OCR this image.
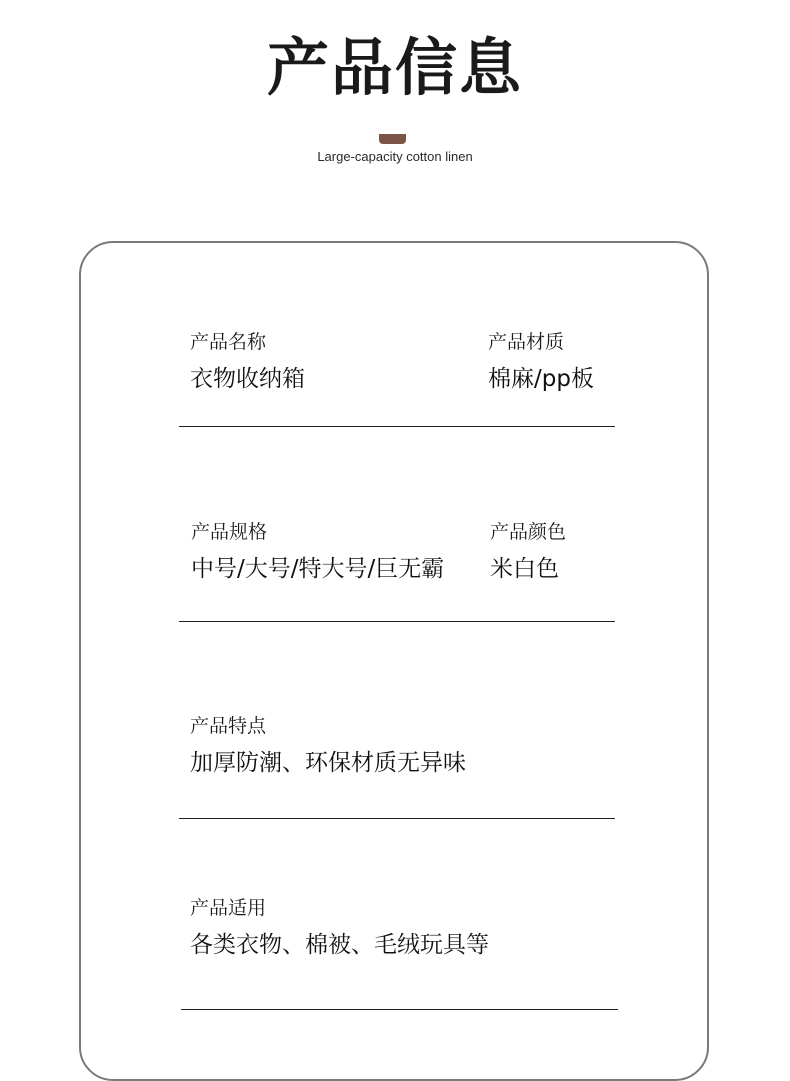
产品信息
Large-capacity cotton linen
产品名称
衣物收纳箱
产品材质
棉麻/pp板
产品规格
中号/大号/特大号/巨无霸
产品颜色
米白色
产品特点
加厚防潮、环保材质无异味
产品适用
各类衣物、棉被、毛绒玩具等
